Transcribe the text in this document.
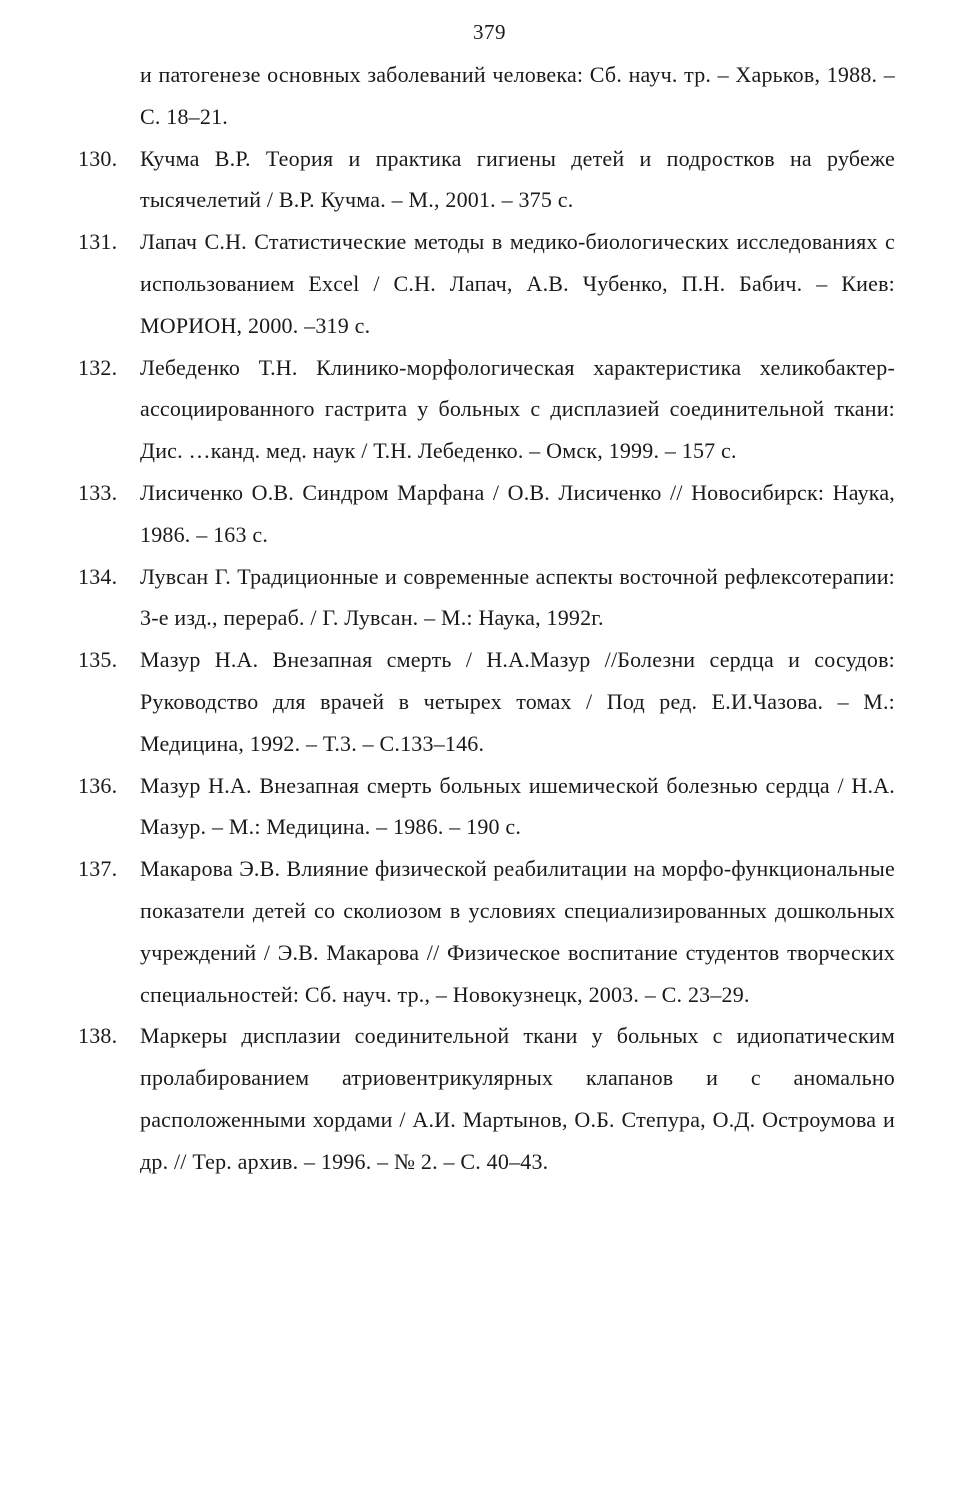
379

и патогенезе основных заболеваний человека: Сб. науч. тр. – Харьков, 1988. – С. 18–21.

130. Кучма В.Р. Теория и практика гигиены детей и подростков на рубеже тысячелетий / В.Р. Кучма. – М., 2001. – 375 с.

131. Лапач С.Н. Статистические методы в медико-биологических исследованиях с использованием Excel / С.Н. Лапач, А.В. Чубенко, П.Н. Бабич. – Киев: МОРИОН, 2000. –319 с.

132. Лебеденко Т.Н. Клинико-морфологическая характеристика хеликобактер-ассоциированного гастрита у больных с дисплазией соединительной ткани: Дис. …канд. мед. наук / Т.Н. Лебеденко. – Омск, 1999. – 157 с.

133. Лисиченко О.В. Синдром Марфана / О.В. Лисиченко // Новосибирск: Наука, 1986. – 163 с.

134. Лувсан Г. Традиционные и современные аспекты восточной рефлексотерапии: 3-е изд., перераб. / Г. Лувсан. – М.: Наука, 1992г.

135. Мазур Н.А. Внезапная смерть / Н.А.Мазур //Болезни сердца и сосудов: Руководство для врачей в четырех томах / Под ред. Е.И.Чазова. – М.: Медицина, 1992. – Т.3. – С.133–146.

136. Мазур Н.А. Внезапная смерть больных ишемической болезнью сердца / Н.А. Мазур. – М.: Медицина. – 1986. – 190 с.

137. Макарова Э.В. Влияние физической реабилитации на морфо-функциональные показатели детей со сколиозом в условиях специализированных дошкольных учреждений / Э.В. Макарова // Физическое воспитание студентов творческих специальностей: Сб. науч. тр., – Новокузнецк, 2003. – С. 23–29.

138. Маркеры дисплазии соединительной ткани у больных с идиопатическим пролабированием атриовентрикулярных клапанов и с аномально расположенными хордами / А.И. Мартынов, О.Б. Степура, О.Д. Остроумова и др. // Тер. архив. – 1996. – № 2. – С. 40–43.
